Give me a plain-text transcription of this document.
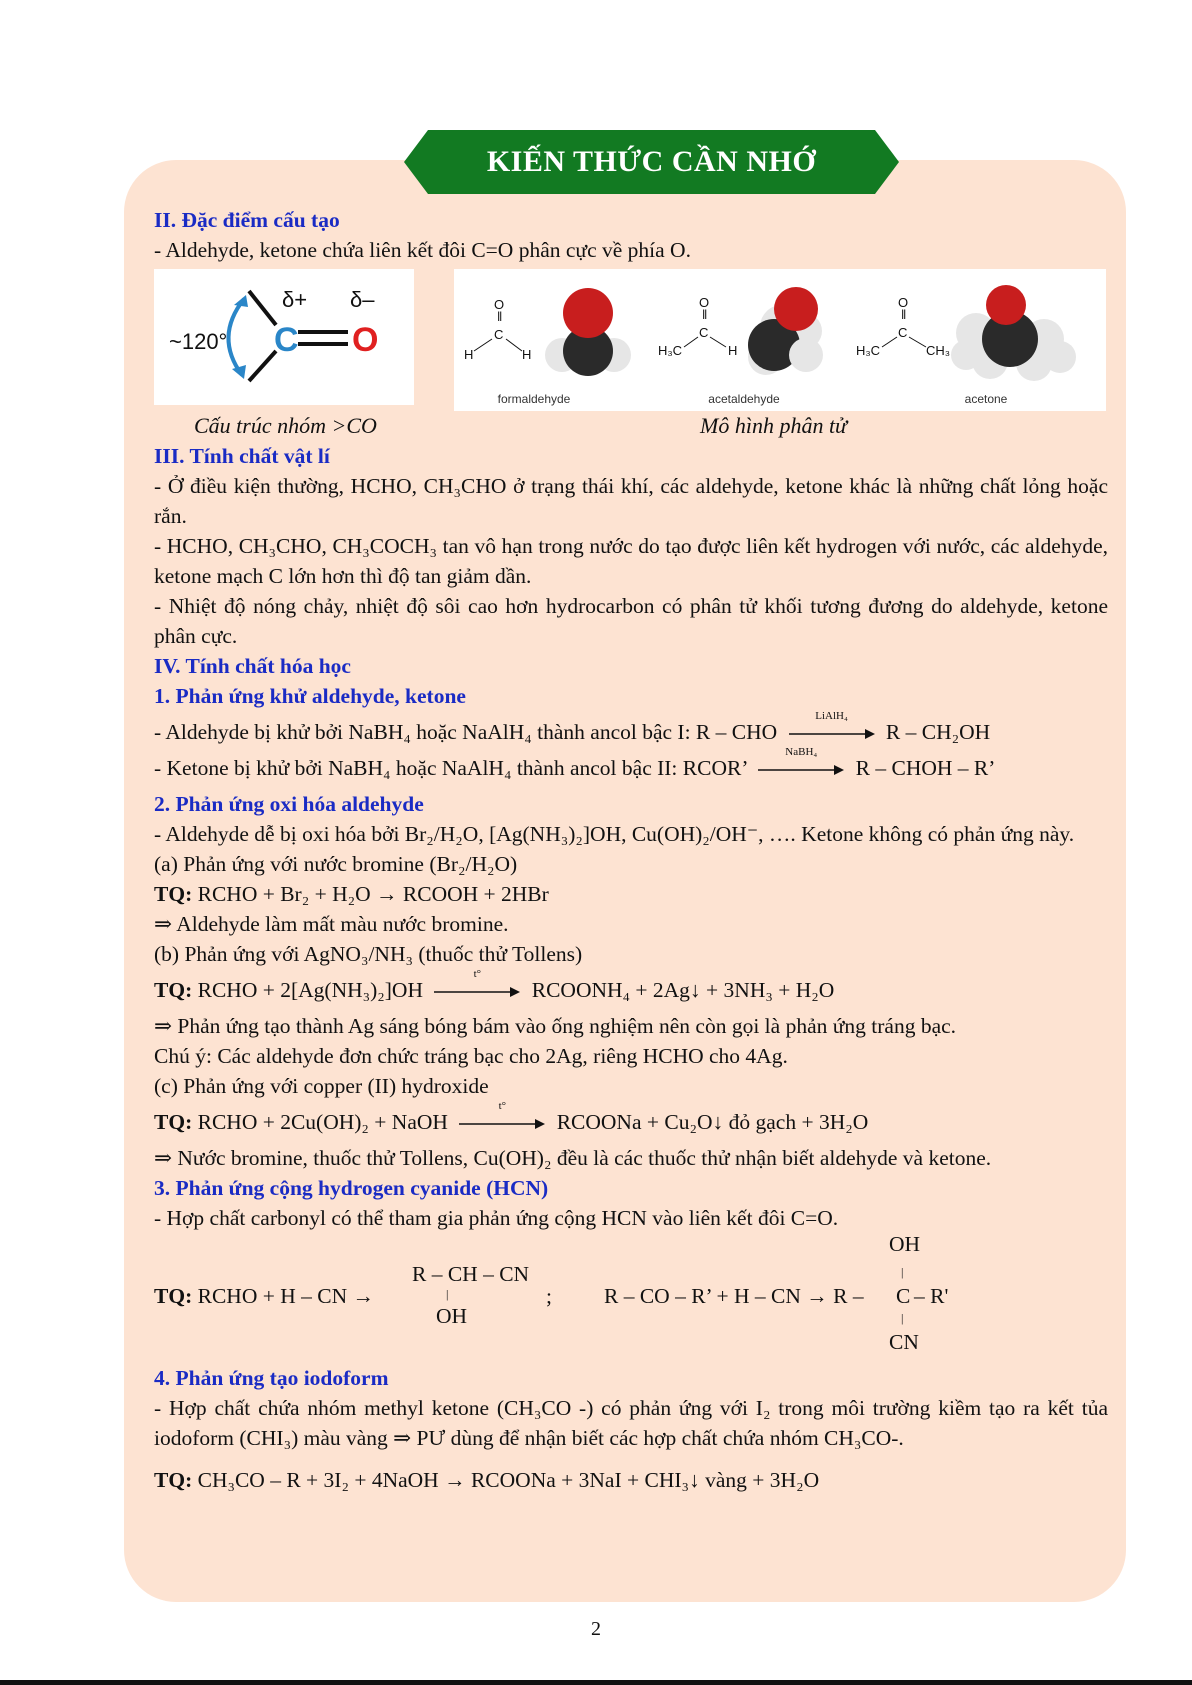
KIẾN THỨC CẦN NHỚ
II. Đặc điểm cấu tạo

- Aldehyde, ketone chứa liên kết đôi C=O phân cực về phía O.

~120° C O
δ+ δ–	O
‖
C
H	H
O
‖
C
H₃C	H
O
‖
C
H₃C	CH₃
formaldehyde	acetaldehyde	acetone
Cấu trúc nhóm >CO	Mô hình phân tử
III. Tính chất vật lí

- Ở điều kiện thường, HCHO, CH₃CHO ở trạng thái khí, các aldehyde, ketone khác là những chất lỏng hoặc rắn.

- HCHO, CH₃CHO, CH₃COCH₃ tan vô hạn trong nước do tạo được liên kết hydrogen với nước, các aldehyde, ketone mạch C lớn hơn thì độ tan giảm dần.

- Nhiệt độ nóng chảy, nhiệt độ sôi cao hơn hydrocarbon có phân tử khối tương đương do aldehyde, ketone phân cực.

IV. Tính chất hóa học
1. Phản ứng khử aldehyde, ketone
- Aldehyde bị khử bởi NaBH₄ hoặc NaAlH₄ thành ancol bậc I: R – CHO
LiAlH₄
R – CH₂OH
- Ketone bị khử bởi NaBH₄ hoặc NaAlH₄ thành ancol bậc II: RCOR’
NaBH₄
R – CHOH – R’
2. Phản ứng oxi hóa aldehyde

- Aldehyde dễ bị oxi hóa bởi Br₂/H₂O, [Ag(NH₃)₂]OH, Cu(OH)₂/OH⁻, …. Ketone không có phản ứng này.

(a) Phản ứng với nước bromine (Br₂/H₂O)

TQ: RCHO + Br₂ + H₂O → RCOOH + 2HBr

⇒ Aldehyde làm mất màu nước bromine.

(b) Phản ứng với AgNO₃/NH₃ (thuốc thử Tollens)

TQ: RCHO + 2[Ag(NH₃)₂]OH
t°
RCOONH₄ + 2Ag↓ + 3NH₃ + H₂O

⇒ Phản ứng tạo thành Ag sáng bóng bám vào ống nghiệm nên còn gọi là phản ứng tráng bạc.

Chú ý: Các aldehyde đơn chức tráng bạc cho 2Ag, riêng HCHO cho 4Ag.

(c) Phản ứng với copper (II) hydroxide

TQ: RCHO + 2Cu(OH)₂ + NaOH
t°
RCOONa + Cu₂O↓ đỏ gạch + 3H₂O

⇒ Nước bromine, thuốc thử Tollens, Cu(OH)₂ đều là các thuốc thử nhận biết aldehyde và ketone.

3. Phản ứng cộng hydrogen cyanide (HCN)

- Hợp chất carbonyl có thể tham gia phản ứng cộng HCN vào liên kết đôi C=O.

TQ: RCHO + H – CN →
R – CH – CN
|
OH
; R – CO – R’ + H – CN → R – C – R'
OH
|
|
CN
4. Phản ứng tạo iodoform

- Hợp chất chứa nhóm methyl ketone (CH₃CO -) có phản ứng với I₂ trong môi trường kiềm tạo ra kết tủa iodoform (CHI₃) màu vàng ⇒ PƯ dùng để nhận biết các hợp chất chứa nhóm CH₃CO-.

TQ: CH₃CO – R + 3I₂ + 4NaOH → RCOONa + 3NaI + CHI₃↓ vàng + 3H₂O

2
